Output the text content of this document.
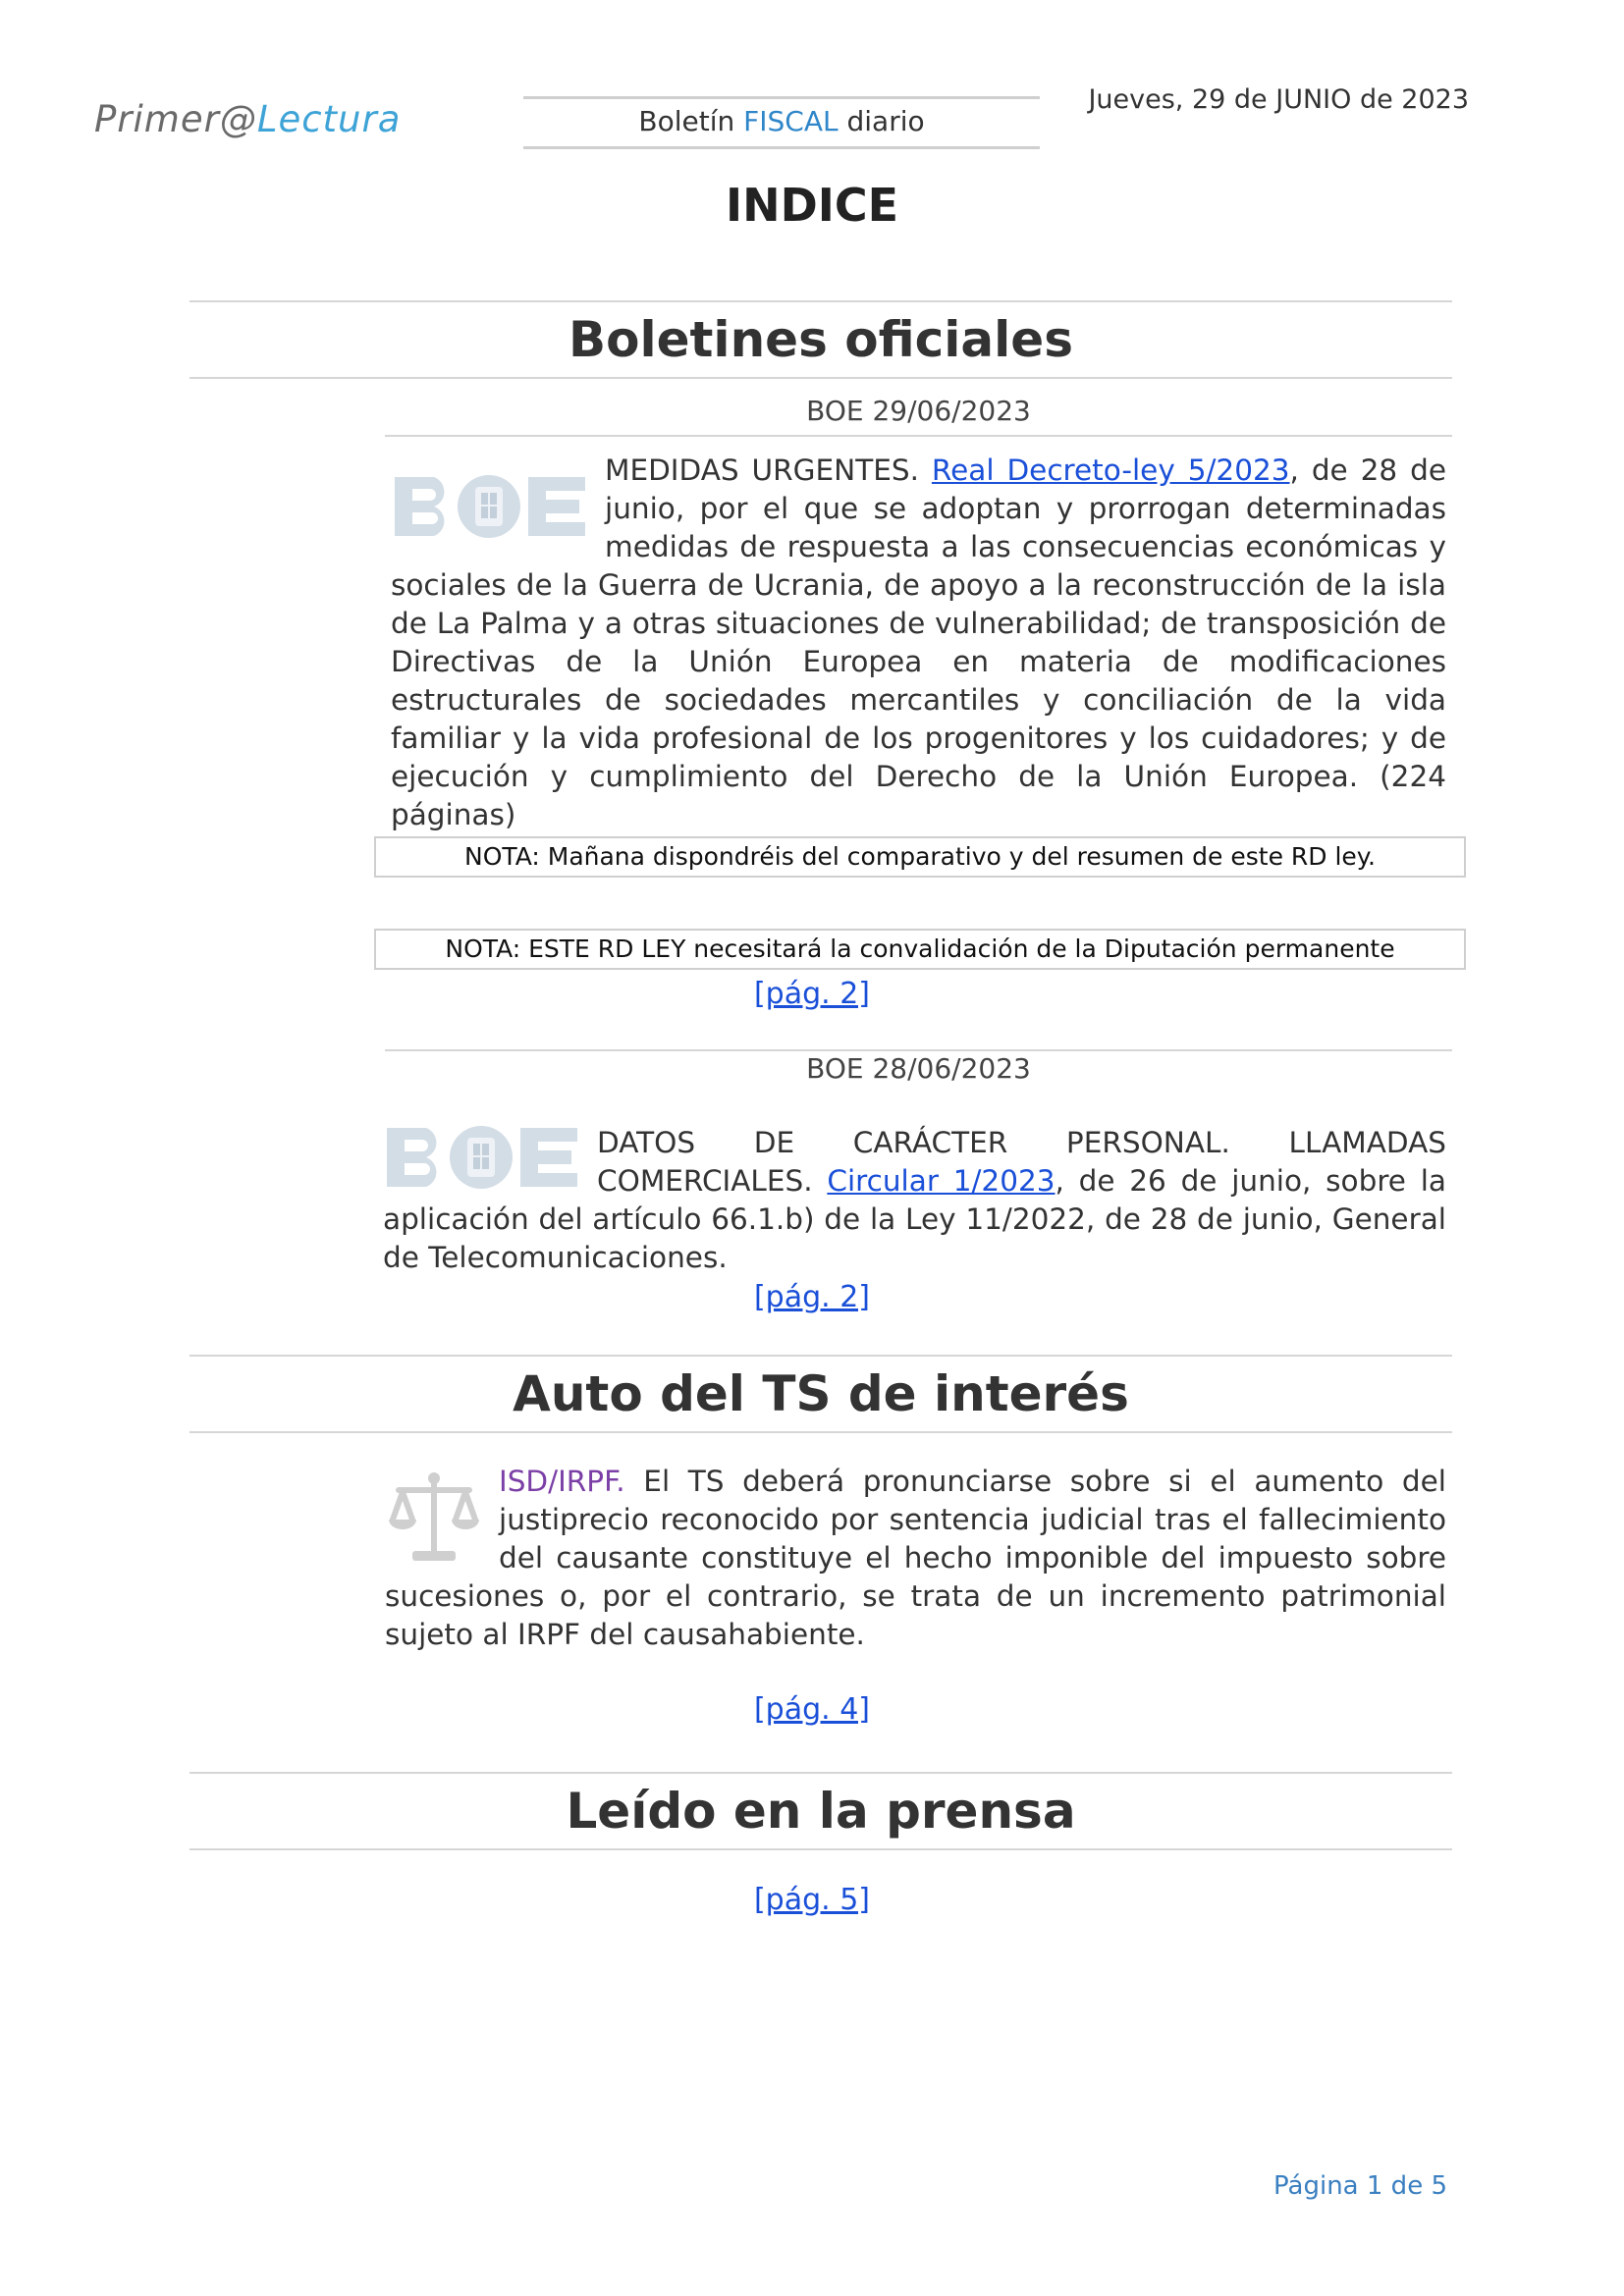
Primer@Lectura	Boletín FISCAL diario
Jueves, 29 de JUNIO de 2023
INDICE
Boletines oficiales
BOE 29/06/2023
MEDIDAS URGENTES. Real Decreto-ley 5/2023, de 28 de junio, por el que se adoptan y prorrogan determinadas medidas de respuesta a las consecuencias económicas y sociales de la Guerra de Ucrania, de apoyo a la reconstrucción de la isla de La Palma y a otras situaciones de vulnerabilidad; de transposición de Directivas de la Unión Europea en materia de modificaciones estructurales de sociedades mercantiles y conciliación de la vida familiar y la vida profesional de los progenitores y los cuidadores; y de ejecución y cumplimiento del Derecho de la Unión Europea. (224 páginas)
NOTA: Mañana dispondréis del comparativo y del resumen de este RD ley.
NOTA: ESTE RD LEY necesitará la convalidación de la Diputación permanente
[pág. 2]
BOE 28/06/2023
DATOS DE CARÁCTER PERSONAL. LLAMADAS COMERCIALES. Circular 1/2023, de 26 de junio, sobre la aplicación del artículo 66.1.b) de la Ley 11/2022, de 28 de junio, General de Telecomunicaciones.
[pág. 2]
Auto del TS de interés
ISD/IRPF. El TS deberá pronunciarse sobre si el aumento del justiprecio reconocido por sentencia judicial tras el fallecimiento del causante constituye el hecho imponible del impuesto sobre sucesiones o, por el contrario, se trata de un incremento patrimonial sujeto al IRPF del causahabiente.
[pág. 4]
Leído en la prensa
[pág. 5]
Página 1 de 5
